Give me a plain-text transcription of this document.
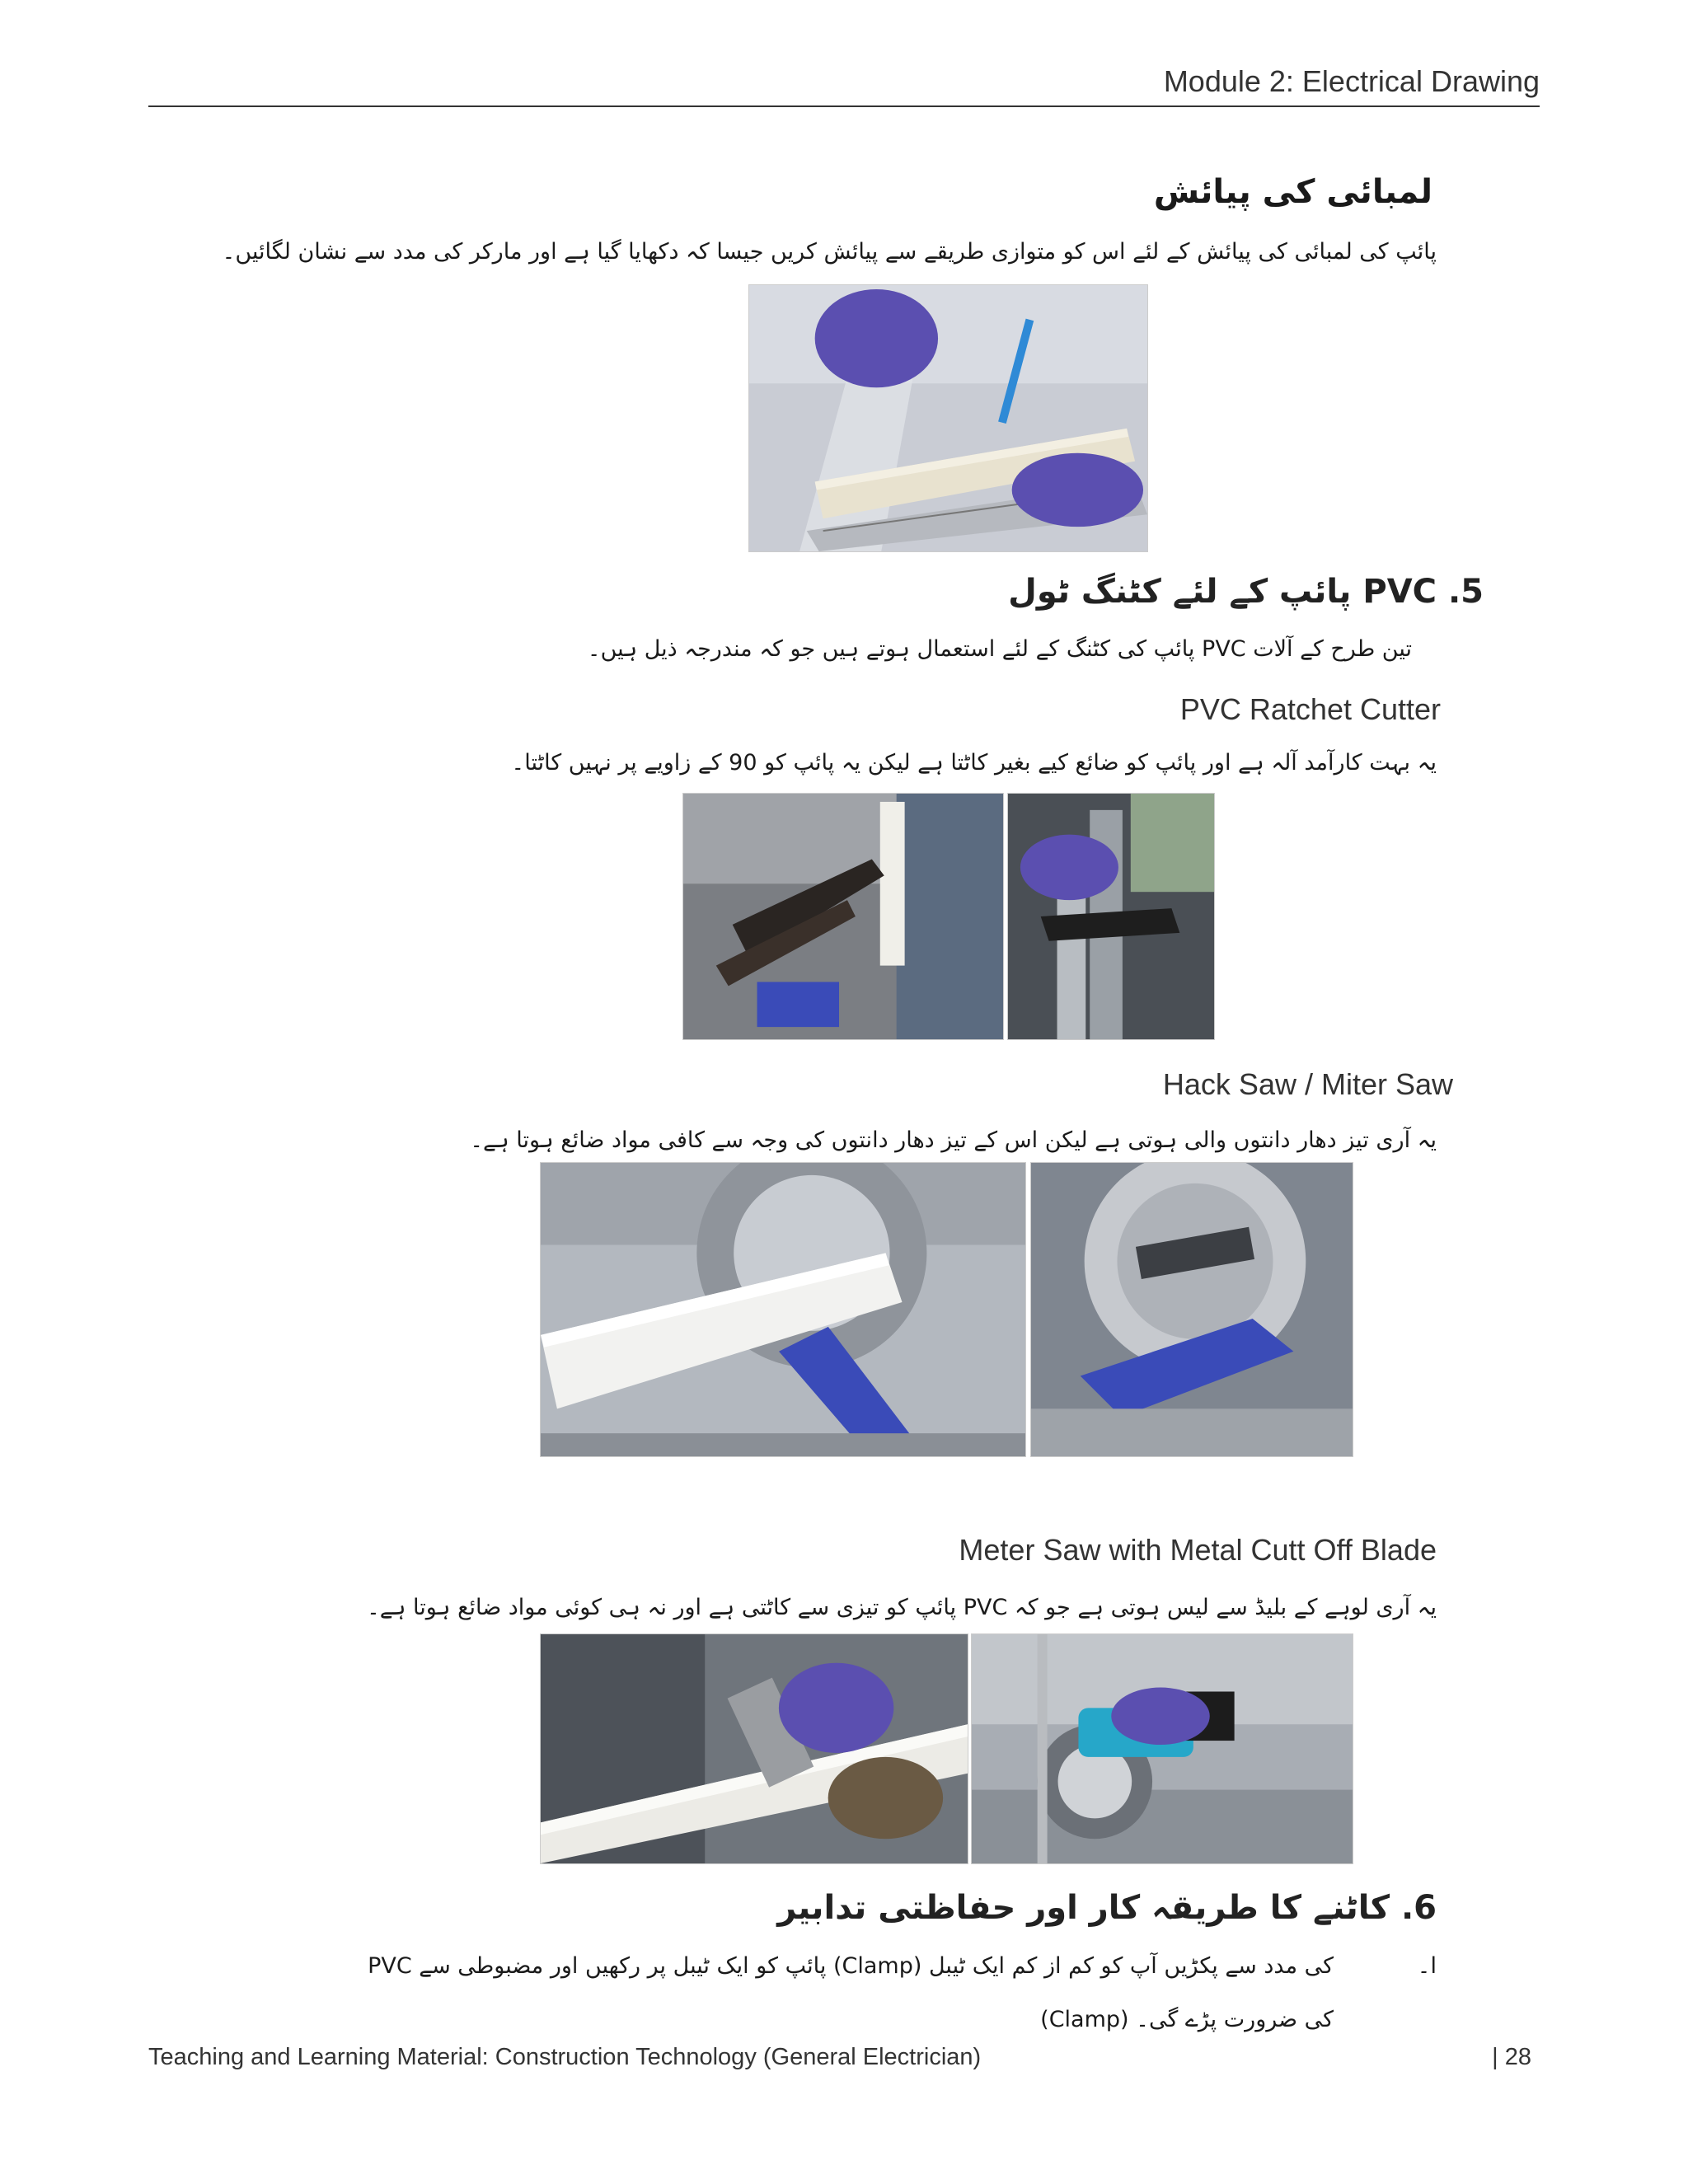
Module 2: Electrical Drawing
لمبائی کی پیائش
پائپ کی لمبائی کی پیائش کے لئے اس کو متوازی طریقے سے پیائش کریں جیسا کہ دکھایا گیا ہے اور مارکر کی مدد سے نشان لگائیں۔
5. PVC پائپ کے لئے کٹنگ ٹول
تین طرح کے آلات PVC پائپ کی کٹنگ کے لئے استعمال ہوتے ہیں جو کہ مندرجہ ذیل ہیں۔
PVC Ratchet Cutter
یہ بہت کارآمد آلہ ہے اور پائپ کو ضائع کیے بغیر کاٹتا ہے لیکن یہ پائپ کو 90 کے زاویے پر نہیں کاٹتا۔
Hack Saw / Miter Saw
یہ آری تیز دھار دانتوں والی ہوتی ہے لیکن اس کے تیز دھار دانتوں کی وجہ سے کافی مواد ضائع ہوتا ہے۔
Meter Saw with Metal Cutt Off Blade
یہ آری لوہے کے بلیڈ سے لیس ہوتی ہے جو کہ PVC پائپ کو تیزی سے کاٹتی ہے اور نہ ہی کوئی مواد ضائع ہوتا ہے۔
6. کاٹنے کا طریقہ کار اور حفاظتی تدابیر
ا۔
PVC پائپ کو ایک ٹیبل پر رکھیں اور مضبوطی سے (Clamp) کی مدد سے پکڑیں آپ کو کم از کم ایک ٹیبل
(Clamp) کی ضرورت پڑے گی۔
Teaching and Learning Material: Construction Technology (General Electrician)	| 28
